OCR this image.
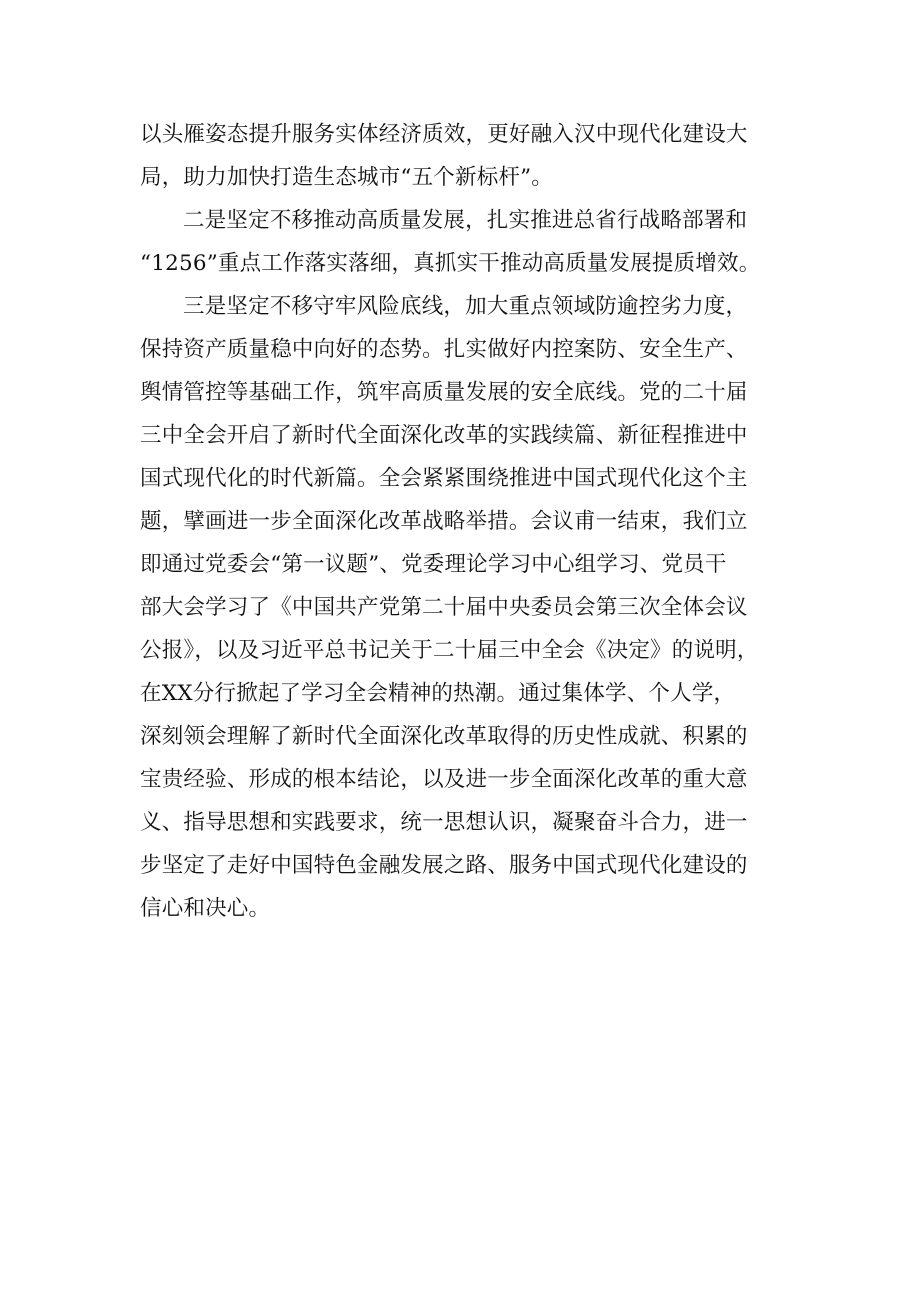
以头雁姿态提升服务实体经济质效，更好融入汉中现代化建设大
局，助力加快打造生态城市“五个新标杆”。

二是坚定不移推动高质量发展，扎实推进总省行战略部署和
“1256”重点工作落实落细，真抓实干推动高质量发展提质增效。

三是坚定不移守牢风险底线，加大重点领域防逾控劣力度，
保持资产质量稳中向好的态势。扎实做好内控案防、安全生产、
舆情管控等基础工作，筑牢高质量发展的安全底线。党的二十届
三中全会开启了新时代全面深化改革的实践续篇、新征程推进中
国式现代化的时代新篇。全会紧紧围绕推进中国式现代化这个主
题，擘画进一步全面深化改革战略举措。会议甫一结束，我们立
即通过党委会“第一议题”、党委理论学习中心组学习、党员干
部大会学习了《中国共产党第二十届中央委员会第三次全体会议
公报》，以及习近平总书记关于二十届三中全会《决定》的说明，
在XX分行掀起了学习全会精神的热潮。通过集体学、个人学，
深刻领会理解了新时代全面深化改革取得的历史性成就、积累的
宝贵经验、形成的根本结论，以及进一步全面深化改革的重大意
义、指导思想和实践要求，统一思想认识，凝聚奋斗合力，进一
步坚定了走好中国特色金融发展之路、服务中国式现代化建设的
信心和决心。
